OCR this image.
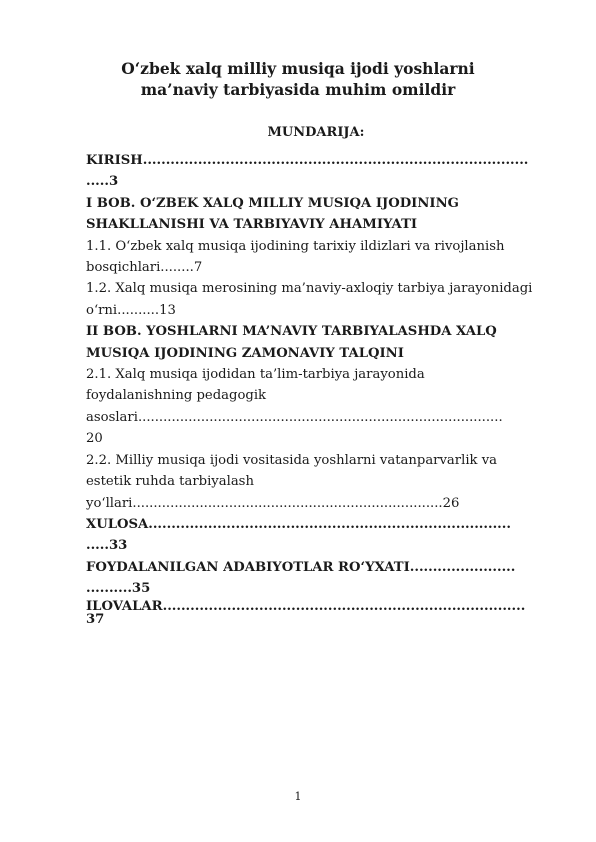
O‘zbek xalq milliy musiqa ijodi yoshlarni
ma’naviy tarbiyasida muhim omildir
MUNDARIJA:
KIRISH....................................................................................
.....3
I BOB. O‘ZBEK XALQ MILLIY MUSIQA IJODINING
SHAKLLANISHI VA TARBIYAVIY AHAMIYATI
1.1. O‘zbek xalq musiqa ijodining tarixiy ildizlari va rivojlanish
bosqichlari........7
1.2. Xalq musiqa merosining ma’naviy-axloqiy tarbiya jarayonidagi
o‘rni..........13
II BOB. YOSHLARNI MA’NAVIY TARBIYALASHDA XALQ
MUSIQA IJODINING ZAMONAVIY TALQINI
2.1. Xalq musiqa ijodidan ta’lim-tarbiya jarayonida
foydalanishning pedagogik
asoslari.......................................................................................
20
2.2. Milliy musiqa ijodi vositasida yoshlarni vatanparvarlik va
estetik ruhda tarbiyalash
yo‘llari..........................................................................26
XULOSA...............................................................................
.....33
FOYDALANILGAN ADABIYOTLAR RO‘YXATI.......................
..........35
ILOVALAR...............................................................................
37
1
